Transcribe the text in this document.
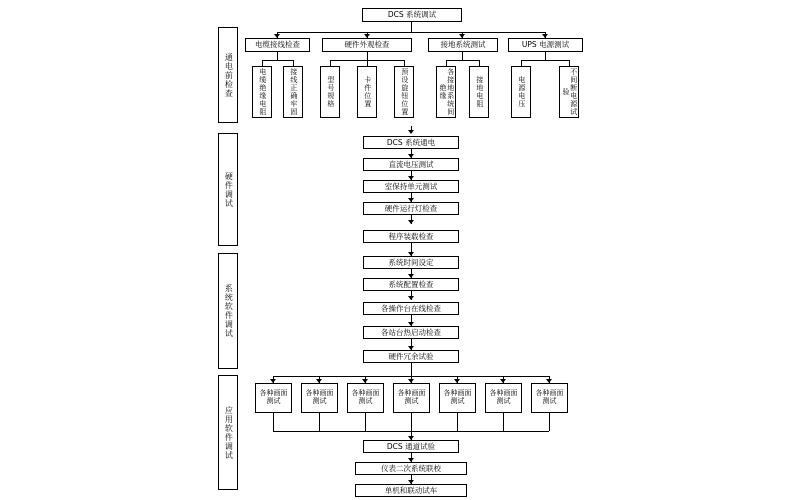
DCS 系统调试
通电前检查
硬件调试
系统软件调试
应用软件调试
电缆接线检查	硬件外观检查	接地系统测试	UPS 电源测试
电缆绝缘电阻	接线正确牢固	型号规格	卡件位置	预设旋钮位置	各接地系统间绝缘	接地电阻	电源电压	不间断电源试验
DCS 系统通电
直流电压测试
室保持单元测试
硬件运行灯检查
程序装载检查
系统时间设定
系统配置检查
各操作台在线检查
各站台热启动检查
硬件冗余试验
各种画面测试
各种画面测试
各种画面测试
各种画面测试
各种画面测试
各种画面测试
各种画面测试
DCS 通道试验
仪表二次系统联校
单机和联动试车
